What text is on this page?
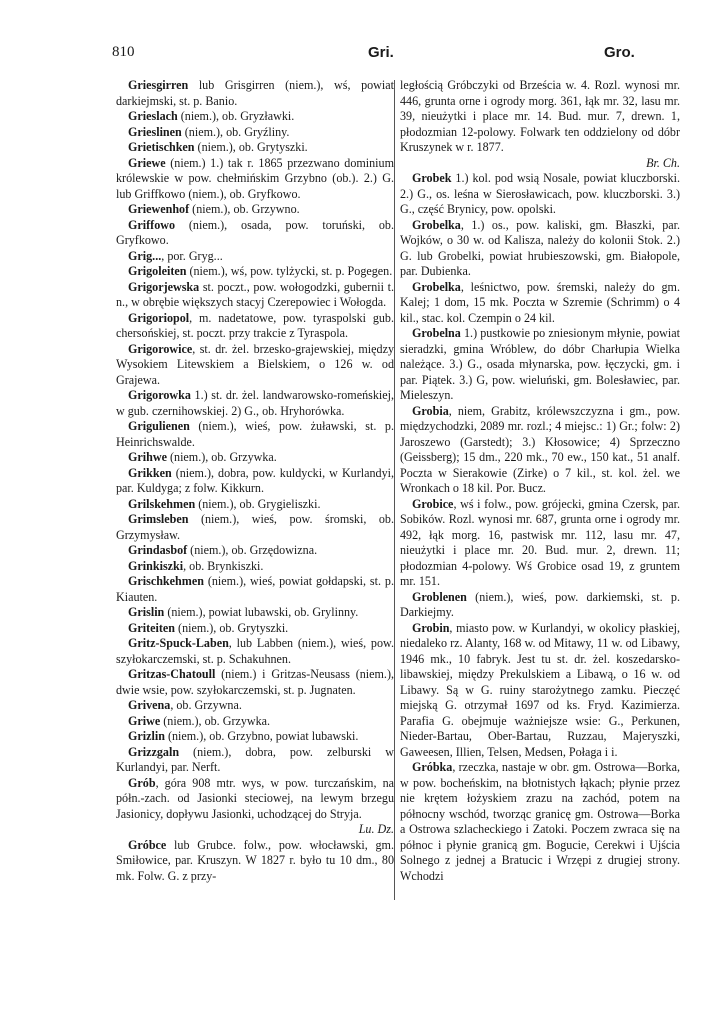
810	Gri.	Gro.

Griesgirren lub Grisgirren (niem.), wś, powiat darkiejmski, st. p. Banio.

Grieslach (niem.), ob. Gryzławki.

Grieslinen (niem.), ob. Gryźliny.

Grietischken (niem.), ob. Grytyszki.

Griewe (niem.) 1.) tak r. 1865 przezwano dominium królewskie w pow. chełmińskim Grzybno (ob.). 2.) G. lub Griffkowo (niem.), ob. Gryfkowo.

Griewenhof (niem.), ob. Grzywno.

Griffowo (niem.), osada, pow. toruński, ob. Gryfkowo.

Grig..., por. Gryg...

Grigoleiten (niem.), wś, pow. tylżycki, st. p. Pogegen.

Grigorjewska st. poczt., pow. wołogodzki, gubernii t. n., w obrębie większych stacyj Czerepowiec i Wołogda.

Grigoriopol, m. nadetatowe, pow. tyraspolski gub. chersońskiej, st. poczt. przy trakcie z Tyraspola.

Grigorowice, st. dr. żel. brzesko-grajewskiej, między Wysokiem Litewskiem a Bielskiem, o 126 w. od Grajewa.

Grigorowka 1.) st. dr. żel. landwarowsko-romeńskiej, w gub. czernihowskiej. 2) G., ob. Hryhorówka.

Grigulienen (niem.), wieś, pow. żuławski, st. p. Heinrichswalde.

Grihwe (niem.), ob. Grzywka.

Grikken (niem.), dobra, pow. kuldycki, w Kurlandyi, par. Kuldyga; z folw. Kikkurn.

Grilskehmen (niem.), ob. Grygieliszki.

Grimsleben (niem.), wieś, pow. śromski, ob. Grzymysław.

Grindasbof (niem.), ob. Grzędowizna.

Grinkiszki, ob. Brynkiszki.

Grischkehmen (niem.), wieś, powiat gołdapski, st. p. Kiauten.

Grislin (niem.), powiat lubawski, ob. Grylinny.

Griteiten (niem.), ob. Grytyszki.

Gritz-Spuck-Laben, lub Labben (niem.), wieś, pow. szyłokarczemski, st. p. Schakuhnen.

Gritzas-Chatoull (niem.) i Gritzas-Neusass (niem.), dwie wsie, pow. szyłokarczemski, st. p. Jugnaten.

Grivena, ob. Grzywna.

Griwe (niem.), ob. Grzywka.

Grizlin (niem.), ob. Grzybno, powiat lubawski.

Grizzgaln (niem.), dobra, pow. zelburski w Kurlandyi, par. Nerft.

Grób, góra 908 mtr. wys, w pow. turczańskim, na półn.-zach. od Jasionki steciowej, na lewym brzegu Jasionicy, dopływu Jasionki, uchodzącej do Stryja.
Lu. Dz.

Gróbce lub Grubce. folw., pow. włocławski, gm. Smiłowice, par. Kruszyn. W 1827 r. było tu 10 dm., 80 mk. Folw. G. z przy-

ległością Gróbczyki od Brześcia w. 4. Rozl. wynosi mr. 446, grunta orne i ogrody morg. 361, łąk mr. 32, lasu mr. 39, nieużytki i place mr. 14. Bud. mur. 7, drewn. 1, płodozmian 12-polowy. Folwark ten oddzielony od dóbr Kruszynek w r. 1877.
Br. Ch.

Grobek 1.) kol. pod wsią Nosale, powiat kluczborski. 2.) G., os. leśna w Sierosławicach, pow. kluczborski. 3.) G., część Brynicy, pow. opolski.

Grobelka, 1.) os., pow. kaliski, gm. Błaszki, par. Wojków, o 30 w. od Kalisza, należy do kolonii Stok. 2.) G. lub Grobelki, powiat hrubieszowski, gm. Białopole, par. Dubienka.

Grobelka, leśnictwo, pow. śremski, należy do gm. Kalej; 1 dom, 15 mk. Poczta w Szremie (Schrimm) o 4 kil., stac. kol. Czempin o 24 kil.

Grobelna 1.) pustkowie po zniesionym młynie, powiat sieradzki, gmina Wróblew, do dóbr Charłupia Wielka należące. 3.) G., osada młynarska, pow. łęczycki, gm. i par. Piątek. 3.) G, pow. wieluński, gm. Bolesławiec, par. Mieleszyn.

Grobia, niem, Grabitz, królewszczyzna i gm., pow. międzychodzki, 2089 mr. rozl.; 4 miejsc.: 1) Gr.; folw: 2) Jaroszewo (Garstedt); 3.) Kłosowice; 4) Sprzeczno (Geissberg); 15 dm., 220 mk., 70 ew., 150 kat., 51 analf. Poczta w Sierakowie (Zirke) o 7 kil., st. kol. żel. we Wronkach o 18 kil. Por. Bucz.

Grobice, wś i folw., pow. grójecki, gmina Czersk, par. Sobików. Rozl. wynosi mr. 687, grunta orne i ogrody mr. 492, łąk morg. 16, pastwisk mr. 112, lasu mr. 47, nieużytki i place mr. 20. Bud. mur. 2, drewn. 11; płodozmian 4-polowy. Wś Grobice osad 19, z gruntem mr. 151.

Groblenen (niem.), wieś, pow. darkiemski, st. p. Darkiejmy.

Grobin, miasto pow. w Kurlandyi, w okolicy płaskiej, niedaleko rz. Alanty, 168 w. od Mitawy, 11 w. od Libawy, 1946 mk., 10 fabryk. Jest tu st. dr. żel. koszedarsko-libawskiej, między Prekulskiem a Libawą, o 16 w. od Libawy. Są w G. ruiny starożytnego zamku. Pieczęć miejską G. otrzymał 1697 od ks. Fryd. Kazimierza. Parafia G. obejmuje ważniejsze wsie: G., Perkunen, Nieder-Bartau, Ober-Bartau, Ruzzau, Majeryszki, Gaweesen, Illien, Telsen, Medsen, Połaga i i.

Gróbka, rzeczka, nastaje w obr. gm. Ostrowa—Borka, w pow. bocheńskim, na błotnistych łąkach; płynie przez nie krętem łożyskiem zrazu na zachód, potem na północny wschód, tworząc granicę gm. Ostrowa—Borka a Ostrowa szlacheckiego i Zatoki. Poczem zwraca się na północ i płynie granicą gm. Bogucie, Cerekwi i Ujścia Solnego z jednej a Bratucic i Wrzępi z drugiej strony. Wchodzi
